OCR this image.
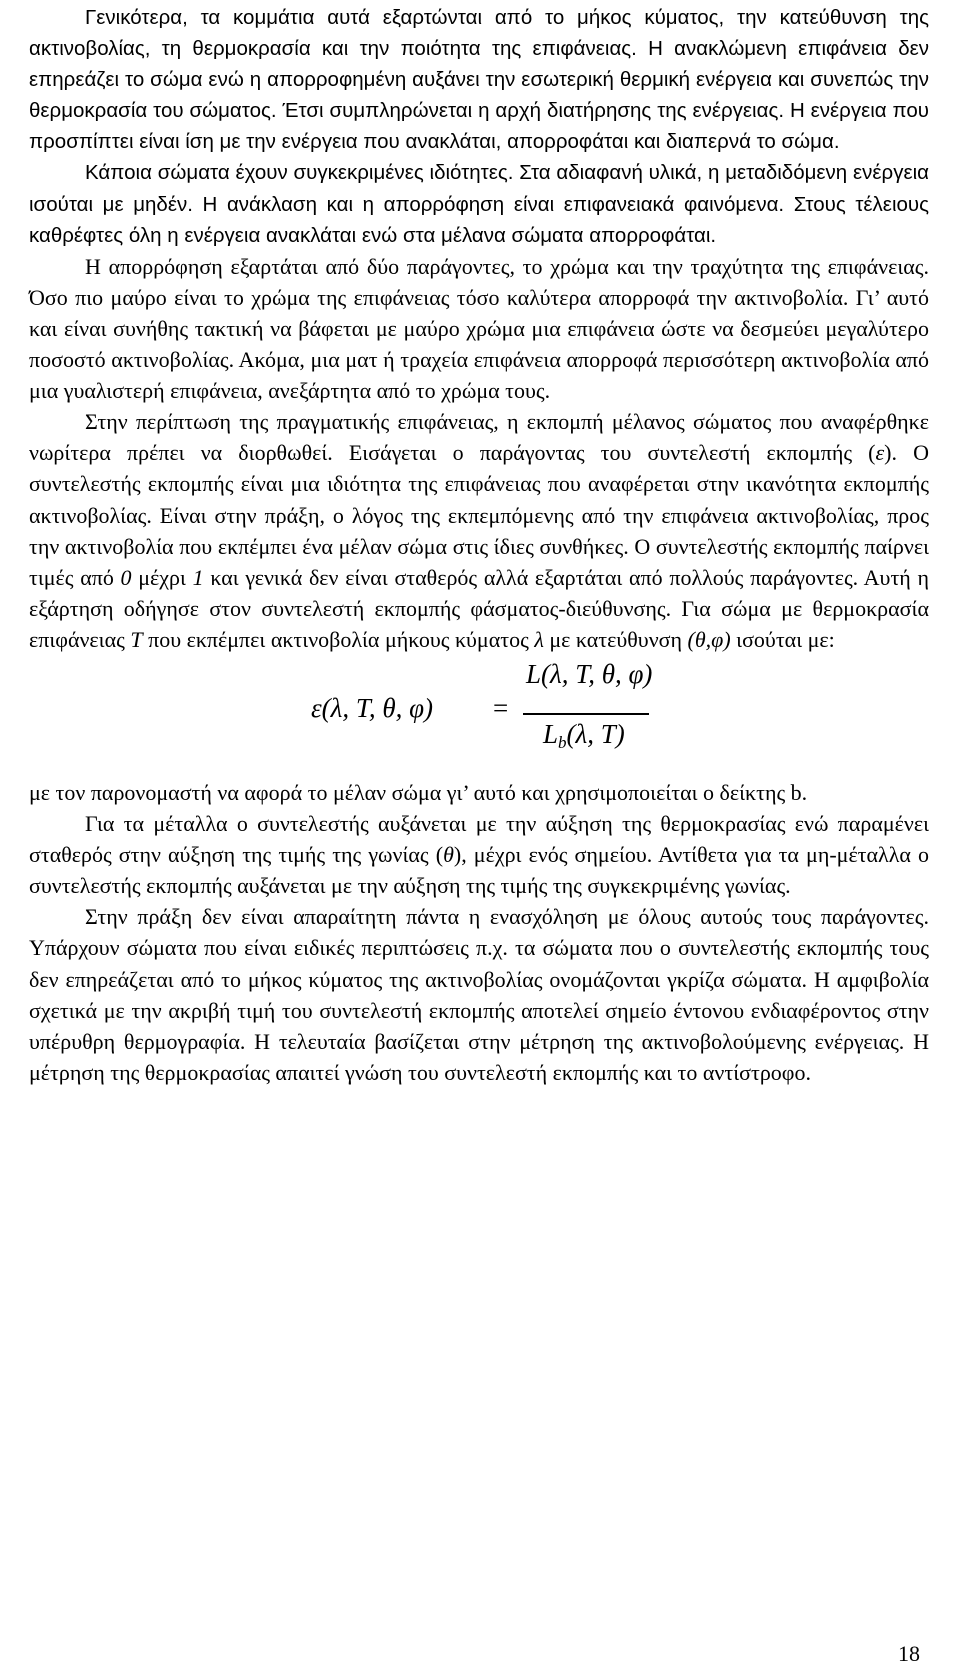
Γενικότερα, τα κομμάτια αυτά εξαρτώνται από το μήκος κύματος, την κατεύθυνση της ακτινοβολίας, τη θερμοκρασία και την ποιότητα της επιφάνειας. Η ανακλώμενη επιφάνεια δεν επηρεάζει το σώμα ενώ η απορροφημένη αυξάνει την εσωτερική θερμική ενέργεια και συνεπώς την θερμοκρασία του σώματος. Έτσι συμπληρώνεται η αρχή διατήρησης της ενέργειας. Η ενέργεια που προσπίπτει είναι ίση με την ενέργεια που ανακλάται, απορροφάται και διαπερνά το σώμα.

Κάποια σώματα έχουν συγκεκριμένες ιδιότητες. Στα αδιαφανή υλικά, η μεταδιδόμενη ενέργεια ισούται με μηδέν. Η ανάκλαση και η απορρόφηση είναι επιφανειακά φαινόμενα. Στους τέλειους καθρέφτες όλη η ενέργεια ανακλάται ενώ στα μέλανα σώματα απορροφάται.

Η απορρόφηση εξαρτάται από δύο παράγοντες, το χρώμα και την τραχύτητα της επιφάνειας. Όσο πιο μαύρο είναι το χρώμα της επιφάνειας τόσο καλύτερα απορροφά την ακτινοβολία. Γι’ αυτό και είναι συνήθης τακτική να βάφεται με μαύρο χρώμα μια επιφάνεια ώστε να δεσμεύει μεγαλύτερο ποσοστό ακτινοβολίας. Ακόμα, μια ματ ή τραχεία επιφάνεια απορροφά περισσότερη ακτινοβολία από μια γυαλιστερή επιφάνεια, ανεξάρτητα από το χρώμα τους.

Στην περίπτωση της πραγματικής επιφάνειας, η εκπομπή μέλανος σώματος που αναφέρθηκε νωρίτερα πρέπει να διορθωθεί. Εισάγεται ο παράγοντας του συντελεστή εκπομπής (ε). Ο συντελεστής εκπομπής είναι μια ιδιότητα της επιφάνειας που αναφέρεται στην ικανότητα εκπομπής ακτινοβολίας. Είναι στην πράξη, ο λόγος της εκπεμπόμενης από την επιφάνεια ακτινοβολίας, προς την ακτινοβολία που εκπέμπει ένα μέλαν σώμα στις ίδιες συνθήκες. Ο συντελεστής εκπομπής παίρνει τιμές από 0 μέχρι 1 και γενικά δεν είναι σταθερός αλλά εξαρτάται από πολλούς παράγοντες. Αυτή η εξάρτηση οδήγησε στον συντελεστή εκπομπής φάσματος-διεύθυνσης. Για σώμα με θερμοκρασία επιφάνειας T που εκπέμπει ακτινοβολία μήκους κύματος λ με κατεύθυνση (θ,φ) ισούται με:

ε(λ, T, θ, φ) =
L(λ, T, θ, φ)
$L_b(\lambda$, T)

με τον παρονομαστή να αφορά το μέλαν σώμα γι’ αυτό και χρησιμοποιείται ο δείκτης b.

Για τα μέταλλα ο συντελεστής αυξάνεται με την αύξηση της θερμοκρασίας ενώ παραμένει σταθερός στην αύξηση της τιμής της γωνίας (θ), μέχρι ενός σημείου. Αντίθετα για τα μη-μέταλλα ο συντελεστής εκπομπής αυξάνεται με την αύξηση της τιμής της συγκεκριμένης γωνίας.

Στην πράξη δεν είναι απαραίτητη πάντα η ενασχόληση με όλους αυτούς τους παράγοντες. Υπάρχουν σώματα που είναι ειδικές περιπτώσεις π.χ. τα σώματα που ο συντελεστής εκπομπής τους δεν επηρεάζεται από το μήκος κύματος της ακτινοβολίας ονομάζονται γκρίζα σώματα. Η αμφιβολία σχετικά με την ακριβή τιμή του συντελεστή εκπομπής αποτελεί σημείο έντονου ενδιαφέροντος στην υπέρυθρη θερμογραφία. Η τελευταία βασίζεται στην μέτρηση της ακτινοβολούμενης ενέργειας. Η μέτρηση της θερμοκρασίας απαιτεί γνώση του συντελεστή εκπομπής και το αντίστροφο.

18
